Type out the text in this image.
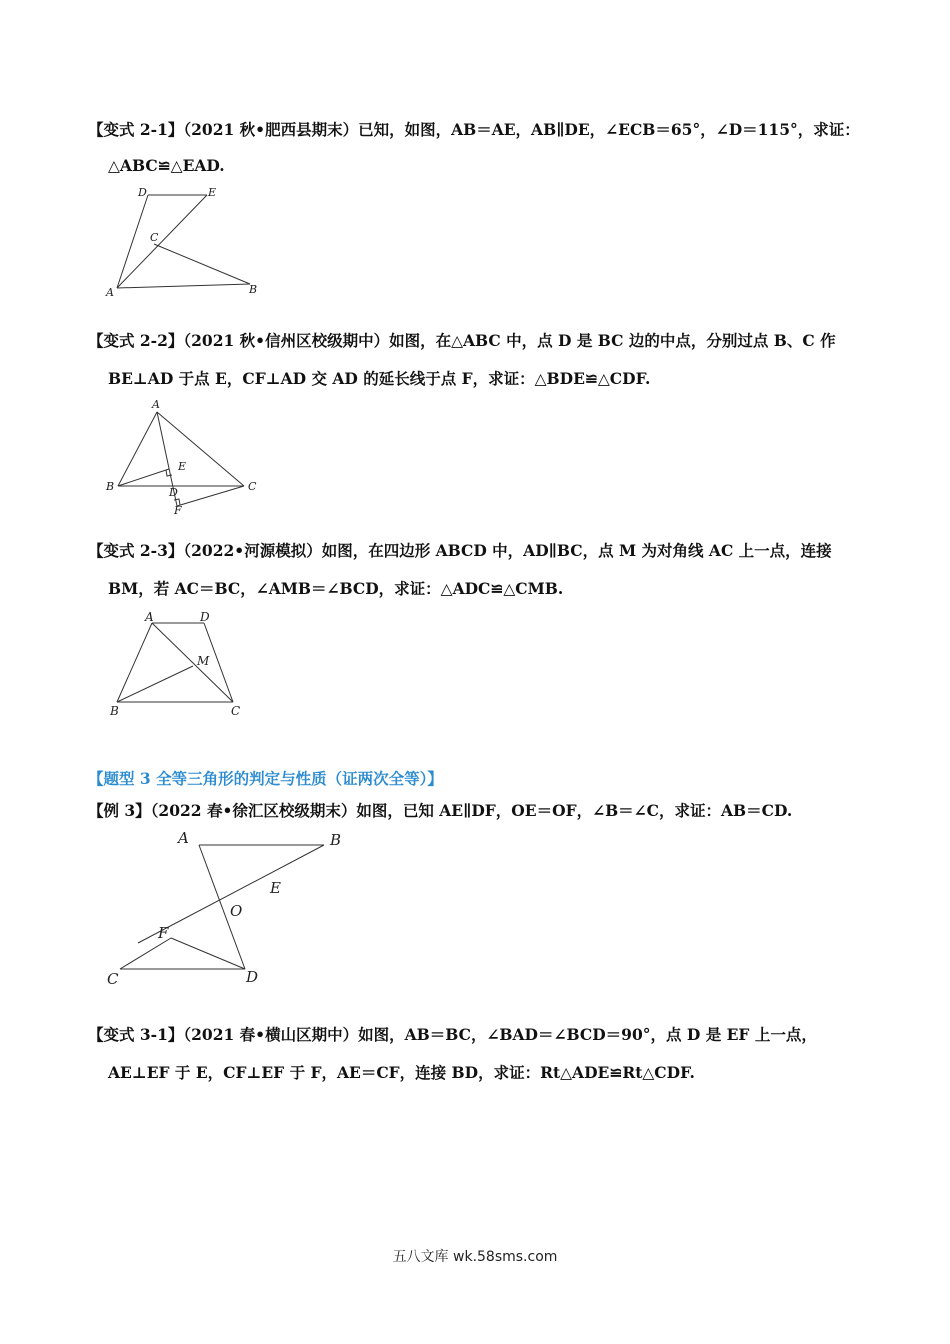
【变式 2-1】（2021 秋•肥西县期末）已知，如图，AB＝AE，AB∥DE，∠ECB＝65°，∠D＝115°，求证：
△ABC≌△EAD.
D	E
C
A	B
【变式 2-2】（2021 秋•信州区校级期中）如图，在△ABC 中，点 D 是 BC 边的中点，分别过点 B、C 作
BE⊥AD 于点 E，CF⊥AD 交 AD 的延长线于点 F，求证：△BDE≌△CDF.
A
E
B	D	C
F
【变式 2-3】（2022•河源模拟）如图，在四边形 ABCD 中，AD∥BC，点 M 为对角线 AC 上一点，连接
BM，若 AC＝BC，∠AMB＝∠BCD，求证：△ADC≌△CMB.
A	D
M
B	C
【题型 3 全等三角形的判定与性质（证两次全等）】
【例 3】（2022 春•徐汇区校级期末）如图，已知 AE∥DF，OE＝OF，∠B＝∠C，求证：AB＝CD.
A	B
E
O
F
C	D
【变式 3-1】（2021 春•横山区期中）如图，AB＝BC，∠BAD＝∠BCD＝90°，点 D 是 EF 上一点，
AE⊥EF 于 E，CF⊥EF 于 F，AE＝CF，连接 BD，求证：Rt△ADE≌Rt△CDF.
五八文库 wk.58sms.com
